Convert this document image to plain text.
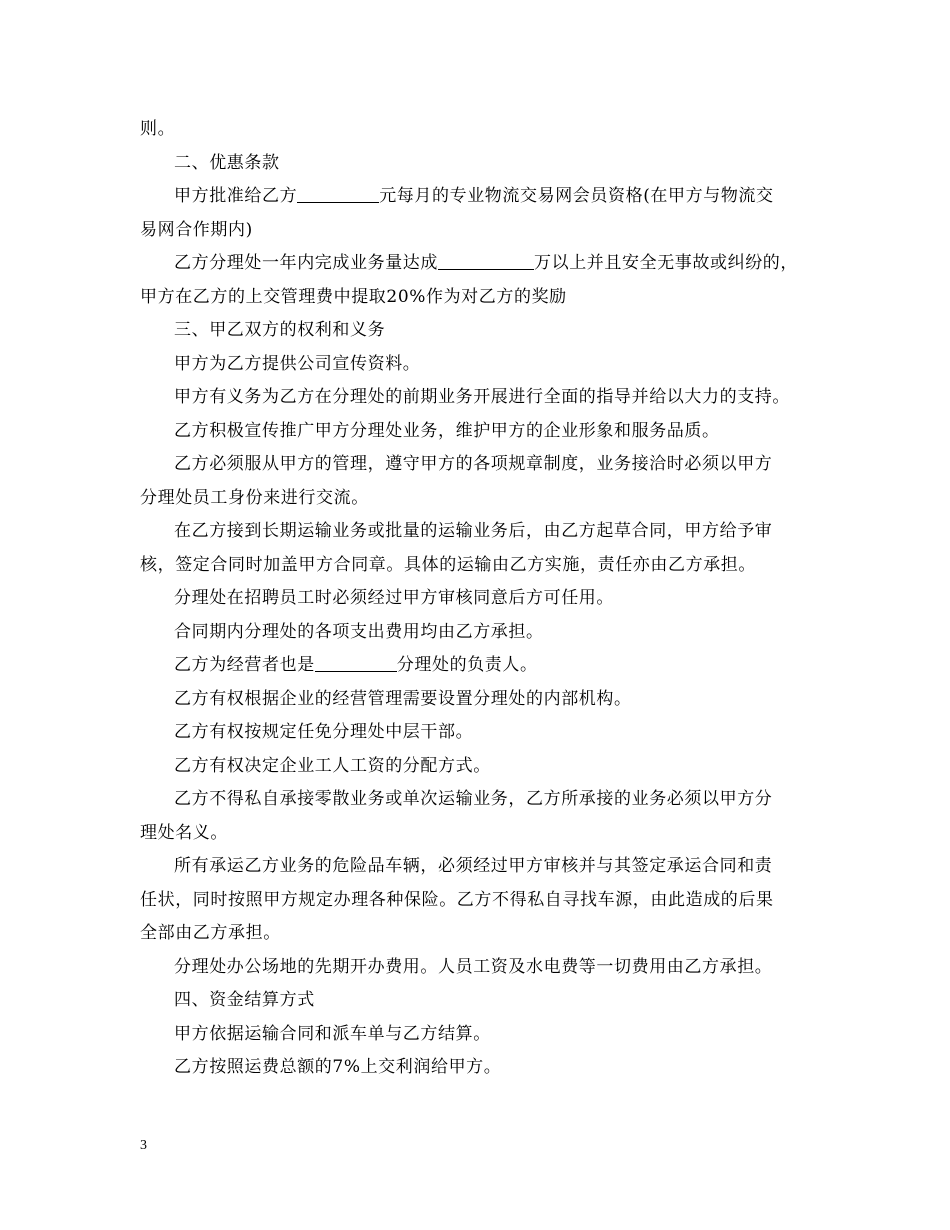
则。
二、优惠条款
甲方批准给乙方	元每月的专业物流交易网会员资格(在甲方与物流交
易网合作期内)
乙方分理处一年内完成业务量达成	万以上并且安全无事故或纠纷的，
甲方在乙方的上交管理费中提取20%作为对乙方的奖励
三、甲乙双方的权利和义务
甲方为乙方提供公司宣传资料。
甲方有义务为乙方在分理处的前期业务开展进行全面的指导并给以大力的支持。
乙方积极宣传推广甲方分理处业务，维护甲方的企业形象和服务品质。
乙方必须服从甲方的管理，遵守甲方的各项规章制度，业务接洽时必须以甲方
分理处员工身份来进行交流。
在乙方接到长期运输业务或批量的运输业务后，由乙方起草合同，甲方给予审
核，签定合同时加盖甲方合同章。具体的运输由乙方实施，责任亦由乙方承担。
分理处在招聘员工时必须经过甲方审核同意后方可任用。
合同期内分理处的各项支出费用均由乙方承担。
乙方为经营者也是	分理处的负责人。
乙方有权根据企业的经营管理需要设置分理处的内部机构。
乙方有权按规定任免分理处中层干部。
乙方有权决定企业工人工资的分配方式。
乙方不得私自承接零散业务或单次运输业务，乙方所承接的业务必须以甲方分
理处名义。
所有承运乙方业务的危险品车辆，必须经过甲方审核并与其签定承运合同和责
任状，同时按照甲方规定办理各种保险。乙方不得私自寻找车源，由此造成的后果
全部由乙方承担。
分理处办公场地的先期开办费用。人员工资及水电费等一切费用由乙方承担。
四、资金结算方式
甲方依据运输合同和派车单与乙方结算。
乙方按照运费总额的7%上交利润给甲方。
3
